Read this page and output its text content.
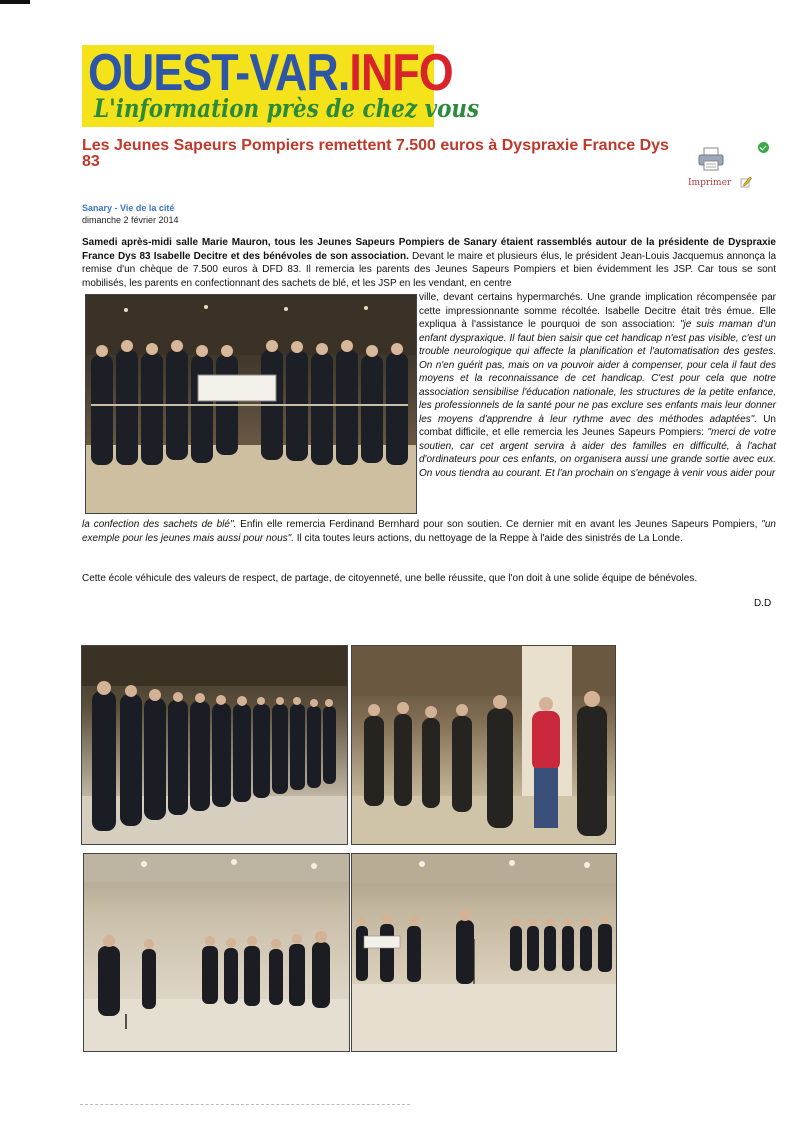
OUEST-VAR.INFO
L'information près de chez vous
Les Jeunes Sapeurs Pompiers remettent 7.500 euros à Dyspraxie France Dys 83
Imprimer
Sanary - Vie de la cité
dimanche 2 février 2014
Samedi après-midi salle Marie Mauron, tous les Jeunes Sapeurs Pompiers de Sanary étaient rassemblés autour de la présidente de Dyspraxie France Dys 83 Isabelle Decitre et des bénévoles de son association. Devant le maire et plusieurs élus, le président Jean-Louis Jacquemus annonça la remise d'un chèque de 7.500 euros à DFD 83. Il remercia les parents des Jeunes Sapeurs Pompiers et bien évidemment les JSP. Car tous se sont mobilisés, les parents en confectionnant des sachets de blé, et les JSP en les vendant, en centre
ville, devant certains hypermarchés. Une grande implication récompensée par cette impressionnante somme récoltée. Isabelle Decitre était très émue. Elle expliqua à l'assistance le pourquoi de son association: "je suis maman d'un enfant dyspraxique. Il faut bien saisir que cet handicap n'est pas visible, c'est un trouble neurologique qui affecte la planification et l'automatisation des gestes. On n'en guérit pas, mais on va pouvoir aider à compenser, pour cela il faut des moyens et la reconnaissance de cet handicap. C'est pour cela que notre association sensibilise l'éducation nationale, les structures de la petite enfance, les professionnels de la santé pour ne pas exclure ses enfants mais leur donner les moyens d'apprendre à leur rythme avec des méthodes adaptées". Un combat difficile, et elle remercia les Jeunes Sapeurs Pompiers: "merci de votre soutien, car cet argent servira à aider des familles en difficulté, à l'achat d'ordinateurs pour ces enfants, on organisera aussi une grande sortie avec eux. On vous tiendra au courant. Et l'an prochain on s'engage à venir vous aider pour
la confection des sachets de blé". Enfin elle remercia Ferdinand Bernhard pour son soutien. Ce dernier mit en avant les Jeunes Sapeurs Pompiers, "un exemple pour les jeunes mais aussi pour nous". Il cita toutes leurs actions, du nettoyage de la Reppe à l'aide des sinistrés de La Londe.
Cette école véhicule des valeurs de respect, de partage, de citoyenneté, une belle réussite, que l'on doit à une solide équipe de bénévoles.
D.D
